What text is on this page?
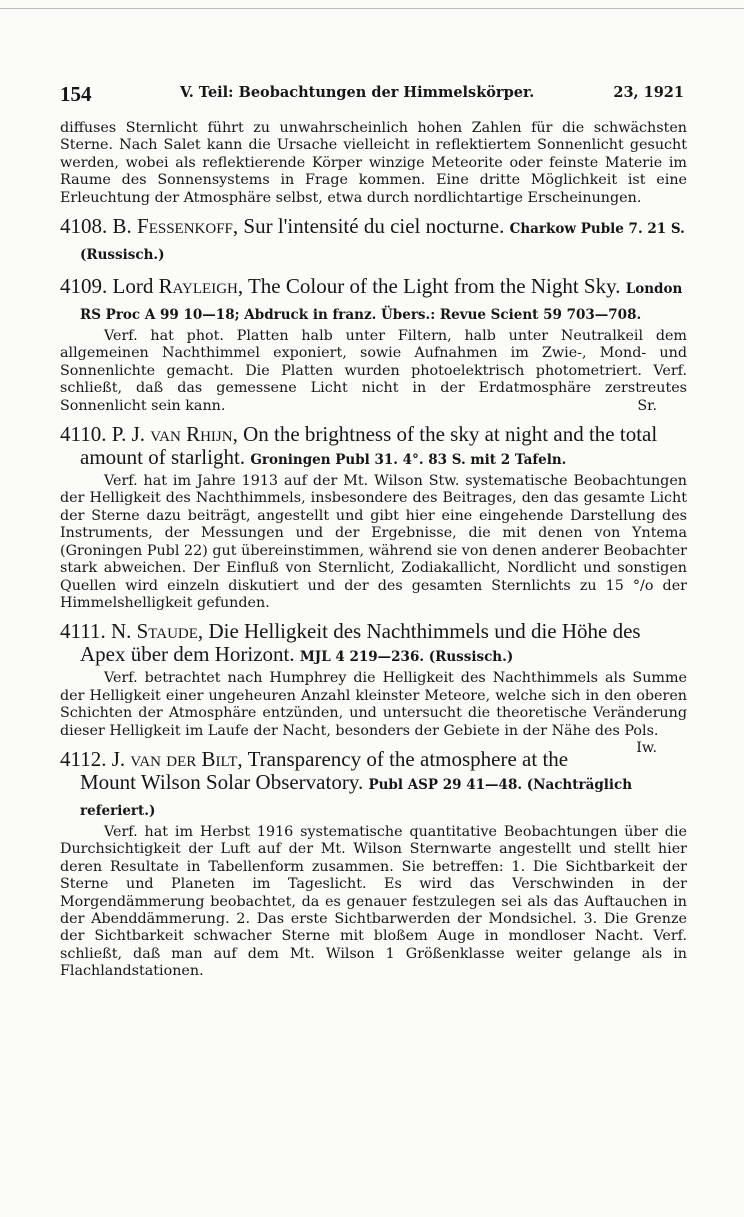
154	V. Teil: Beobachtungen der Himmelskörper.	23, 1921

diffuses Sternlicht führt zu unwahrscheinlich hohen Zahlen für die schwächsten Sterne. Nach Salet kann die Ursache vielleicht in reflektiertem Sonnenlicht gesucht werden, wobei als reflektierende Körper winzige Meteorite oder feinste Materie im Raume des Sonnensystems in Frage kommen. Eine dritte Möglichkeit ist eine Erleuchtung der Atmosphäre selbst, etwa durch nordlichtartige Erscheinungen.

4108. B. Fessenkoff, Sur l'intensité du ciel nocturne. Charkow Puble 7. 21 S. (Russisch.)
4109. Lord Rayleigh, The Colour of the Light from the Night Sky. London RS Proc A 99 10—18; Abdruck in franz. Übers.: Revue Scient 59 703—708.

Verf. hat phot. Platten halb unter Filtern, halb unter Neutralkeil dem allgemeinen Nachthimmel exponiert, sowie Aufnahmen im Zwie-, Mond- und Sonnenlichte gemacht. Die Platten wurden photoelektrisch photometriert. Verf. schließt, daß das gemessene Licht nicht in der Erdatmosphäre zerstreutes Sonnenlicht sein kann.	Sr.

4110. P. J. van Rhijn, On the brightness of the sky at night and the total amount of starlight. Groningen Publ 31. 4°. 83 S. mit 2 Tafeln.

Verf. hat im Jahre 1913 auf der Mt. Wilson Stw. systematische Beobachtungen der Helligkeit des Nachthimmels, insbesondere des Beitrages, den das gesamte Licht der Sterne dazu beiträgt, angestellt und gibt hier eine eingehende Darstellung des Instruments, der Messungen und der Ergebnisse, die mit denen von Yntema (Groningen Publ 22) gut übereinstimmen, während sie von denen anderer Beobachter stark abweichen. Der Einfluß von Sternlicht, Zodiakallicht, Nordlicht und sonstigen Quellen wird einzeln diskutiert und der des gesamten Sternlichts zu 15 °/o der Himmelshelligkeit gefunden.

4111. N. Staude, Die Helligkeit des Nachthimmels und die Höhe des Apex über dem Horizont. MJL 4 219—236. (Russisch.)

Verf. betrachtet nach Humphrey die Helligkeit des Nachthimmels als Summe der Helligkeit einer ungeheuren Anzahl kleinster Meteore, welche sich in den oberen Schichten der Atmosphäre entzünden, und untersucht die theoretische Veränderung dieser Helligkeit im Laufe der Nacht, besonders der Gebiete in der Nähe des Pols.
Iw.

4112. J. van der Bilt, Transparency of the atmosphere at the Mount Wilson Solar Observatory. Publ ASP 29 41—48. (Nachträglich referiert.)

Verf. hat im Herbst 1916 systematische quantitative Beobachtungen über die Durchsichtigkeit der Luft auf der Mt. Wilson Sternwarte angestellt und stellt hier deren Resultate in Tabellenform zusammen. Sie betreffen: 1. Die Sichtbarkeit der Sterne und Planeten im Tageslicht. Es wird das Verschwinden in der Morgendämmerung beobachtet, da es genauer festzulegen sei als das Auftauchen in der Abenddämmerung. 2. Das erste Sichtbarwerden der Mondsichel. 3. Die Grenze der Sichtbarkeit schwacher Sterne mit bloßem Auge in mondloser Nacht. Verf. schließt, daß man auf dem Mt. Wilson 1 Größenklasse weiter gelange als in Flachlandstationen.
